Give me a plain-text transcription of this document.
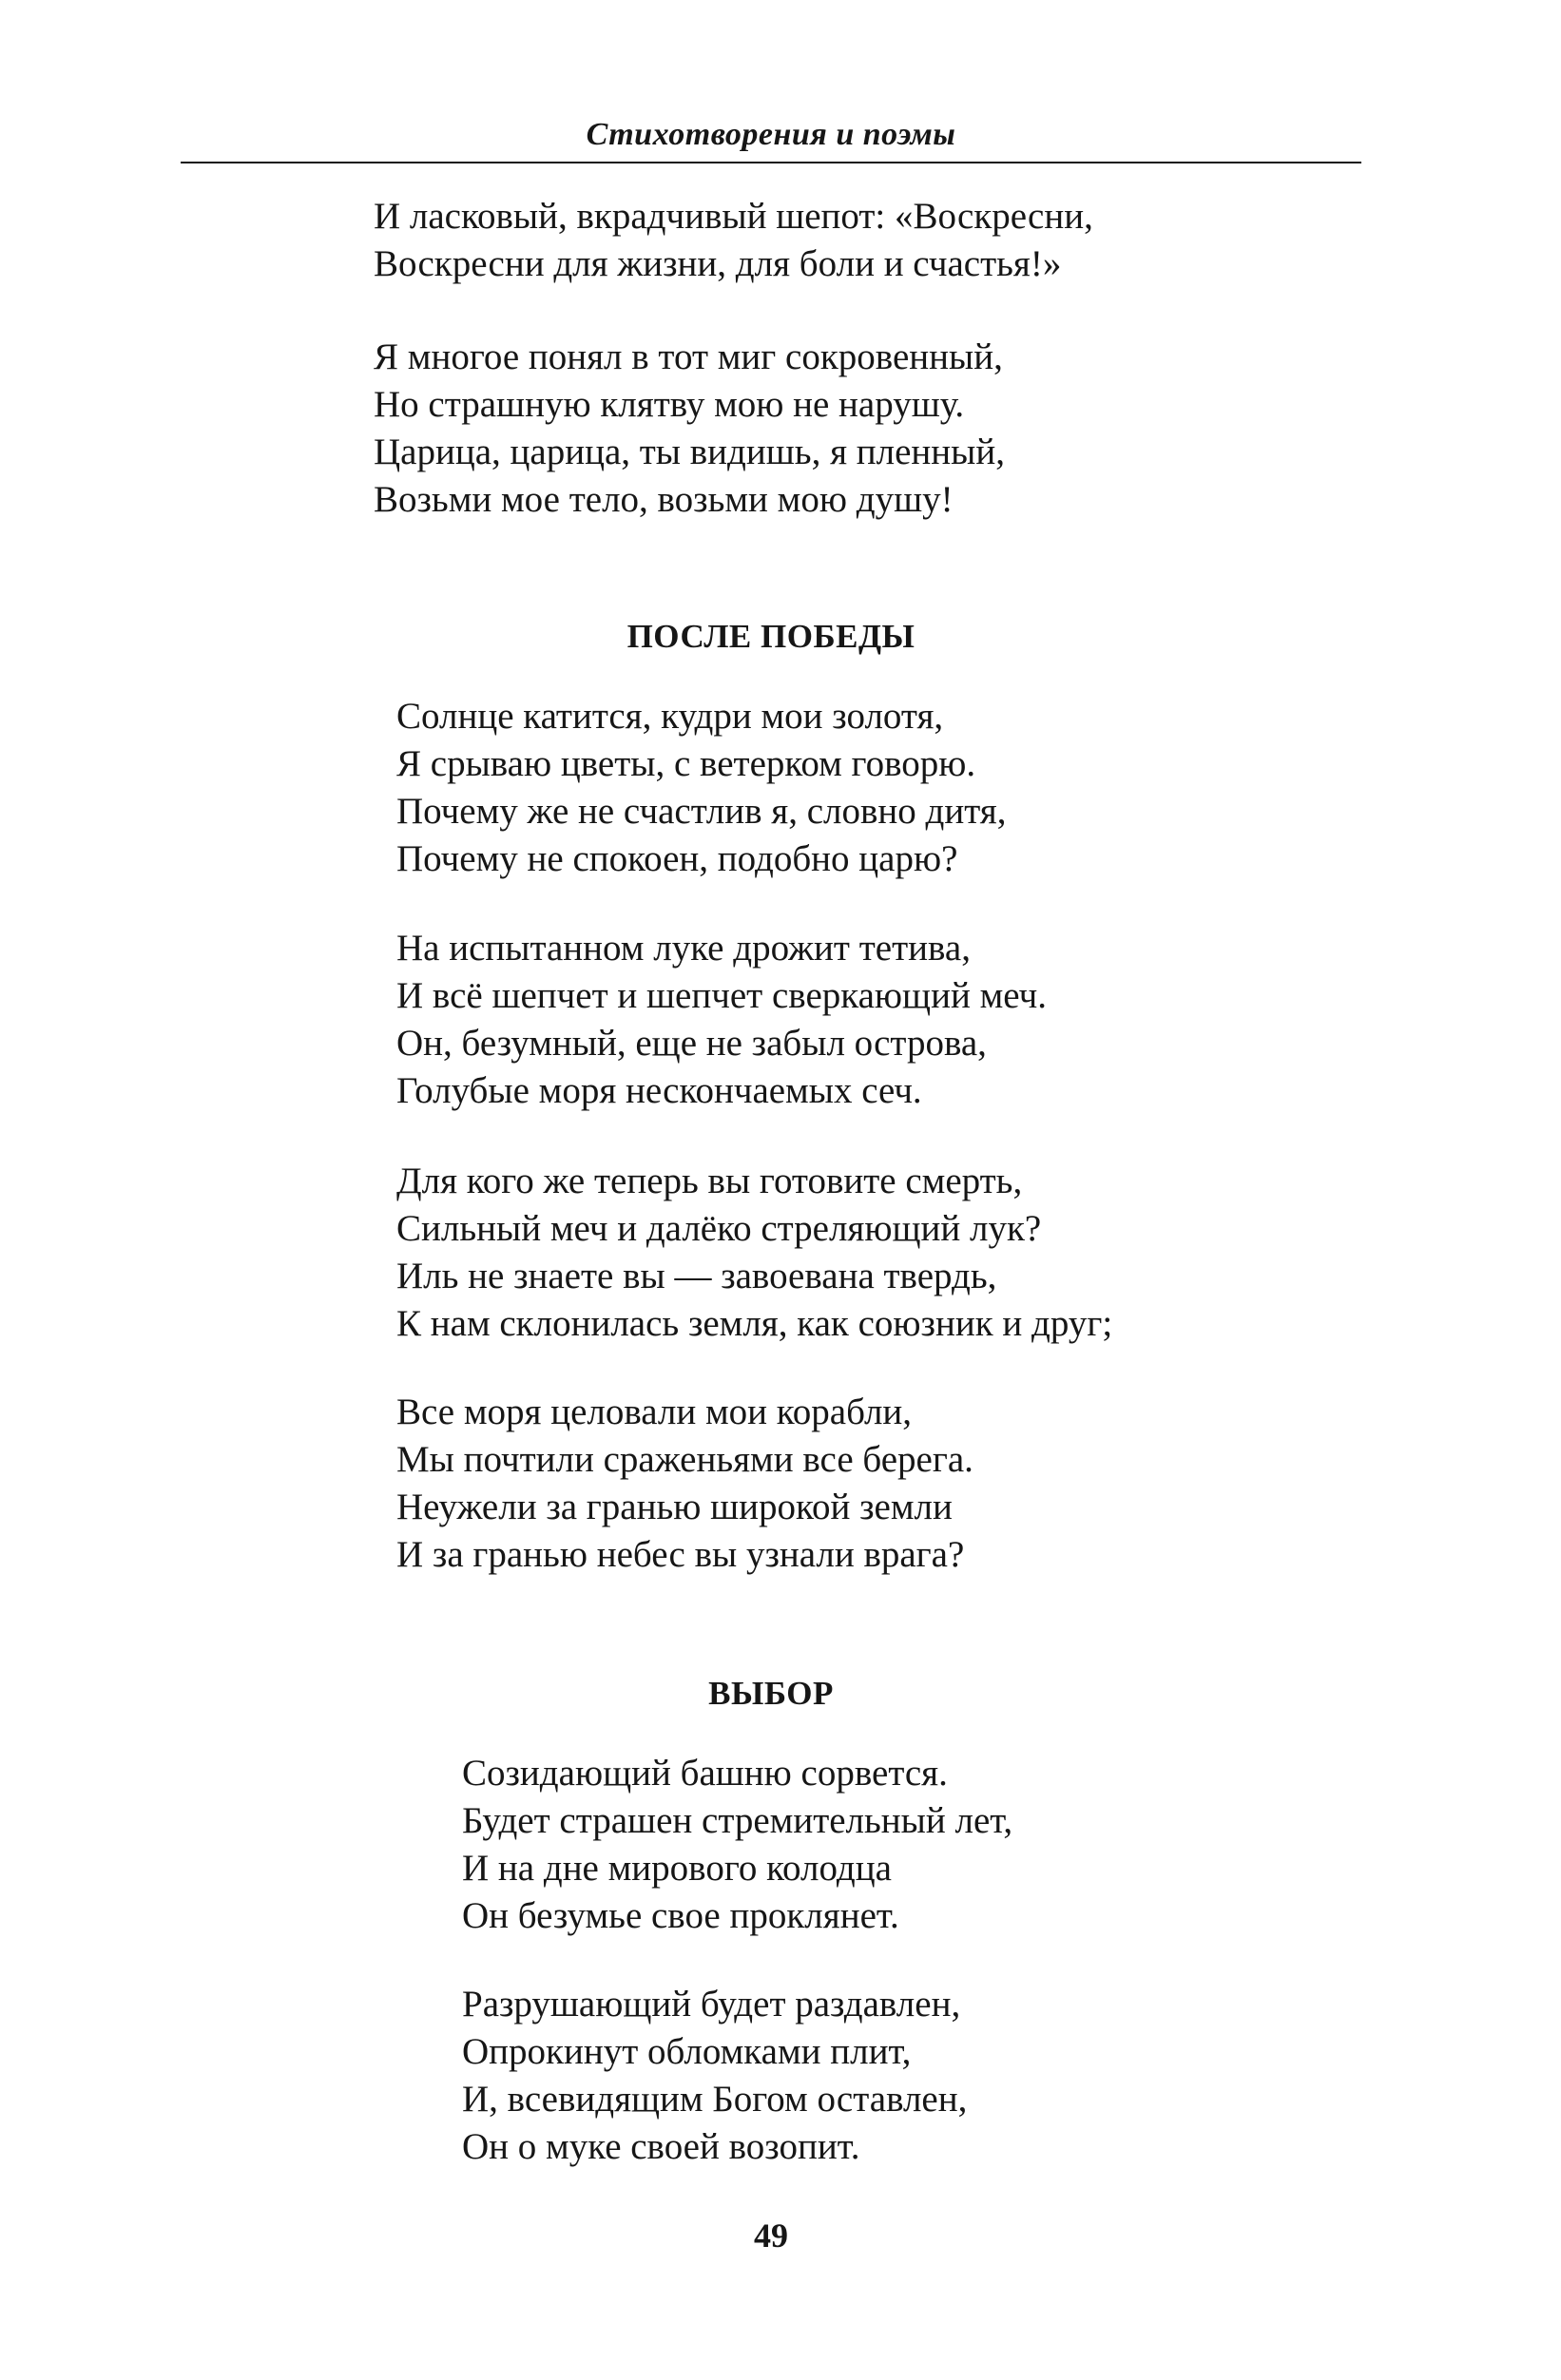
Стихотворения и поэмы
И ласковый, вкрадчивый шепот: «Воскресни,
Воскресни для жизни, для боли и счастья!»
Я многое понял в тот миг сокровенный,
Но страшную клятву мою не нарушу.
Царица, царица, ты видишь, я пленный,
Возьми мое тело, возьми мою душу!
ПОСЛЕ ПОБЕДЫ
Солнце катится, кудри мои золотя,
Я срываю цветы, с ветерком говорю.
Почему же не счастлив я, словно дитя,
Почему не спокоен, подобно царю?
На испытанном луке дрожит тетива,
И всё шепчет и шепчет сверкающий меч.
Он, безумный, еще не забыл острова,
Голубые моря нескончаемых сеч.
Для кого же теперь вы готовите смерть,
Сильный меч и далёко стреляющий лук?
Иль не знаете вы — завоевана твердь,
К нам склонилась земля, как союзник и друг;
Все моря целовали мои корабли,
Мы почтили сраженьями все берега.
Неужели за гранью широкой земли
И за гранью небес вы узнали врага?
ВЫБОР
Созидающий башню сорвется.
Будет страшен стремительный лет,
И на дне мирового колодца
Он безумье свое проклянет.
Разрушающий будет раздавлен,
Опрокинут обломками плит,
И, всевидящим Богом оставлен,
Он о муке своей возопит.
49
